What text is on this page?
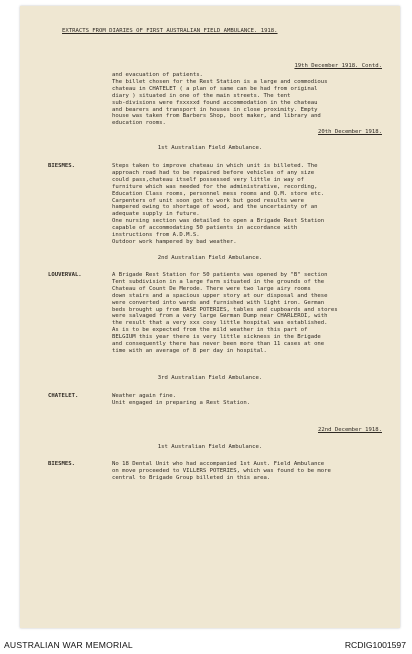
EXTRACTS FROM DIARIES OF FIRST AUSTRALIAN FIELD AMBULANCE. 1918.
19th December 1918. Contd.
and evacuation of patients.
The billet chosen for the Rest Station is a large and commodious
chateau in CHATELET ( a plan of same can be had from original
diary ) situated in one of the main streets. The tent
sub-divisions were fxxxxxd found accommodation in the chateau
and bearers and transport in houses in close proximity. Empty
house was taken from Barbers Shop, boot maker, and library and
education rooms.
20th December 1918.
1st Australian Field Ambulance.
BIESMES.	Steps taken to improve chateau in which unit is billeted. The
approach road had to be repaired before vehicles of any size
could pass,chateau itself possessed very little in way of
furniture which was needed for the administrative, recording,
Education Class rooms, personnel mess rooms and Q.M. store etc.
Carpenters of unit soon got to work but good results were
hampered owing to shortage of wood, and the uncertainty of an
adequate supply in future.
One nursing section was detailed to open a Brigade Rest Station
capable of accommodating 50 patients in accordance with
instructions from A.D.M.S.
Outdoor work hampered by bad weather.
2nd Australian Field Ambulance.
LOUVERVAL.	A Brigade Rest Station for 50 patients was opened by "B" section
Tent subdivision in a large farm situated in the grounds of the
Chateau of Count De Merode. There were two large airy rooms
down stairs and a spacious upper story at our disposal and these
were converted into wards and furnished with light iron. German
beds brought up from BASE POTERIES, tables and cupboards and stores
were salvaged from a very large German Dump near CHARLEROI, with
the result that a very xxx cosy little hospital was established.
As is to be expected from the mild weather in this part of
BELGIUM this year there is very little sickness in the Brigade
and consequently there has never been more than 11 cases at one
time with an average of 8 per day in hospital.
3rd Australian Field Ambulance.
CHATELET.	Weather again fine.
Unit engaged in preparing a Rest Station.
22nd December 1918.
1st Australian Field Ambulance.
BIESMES.	No 18 Dental Unit who had accompanied 1st Aust. Field Ambulance
on move proceeded to VILLERS POTERIES, which was found to be more
central to Brigade Group billeted in this area.
AUSTRALIAN WAR MEMORIAL	RCDIG1001597
